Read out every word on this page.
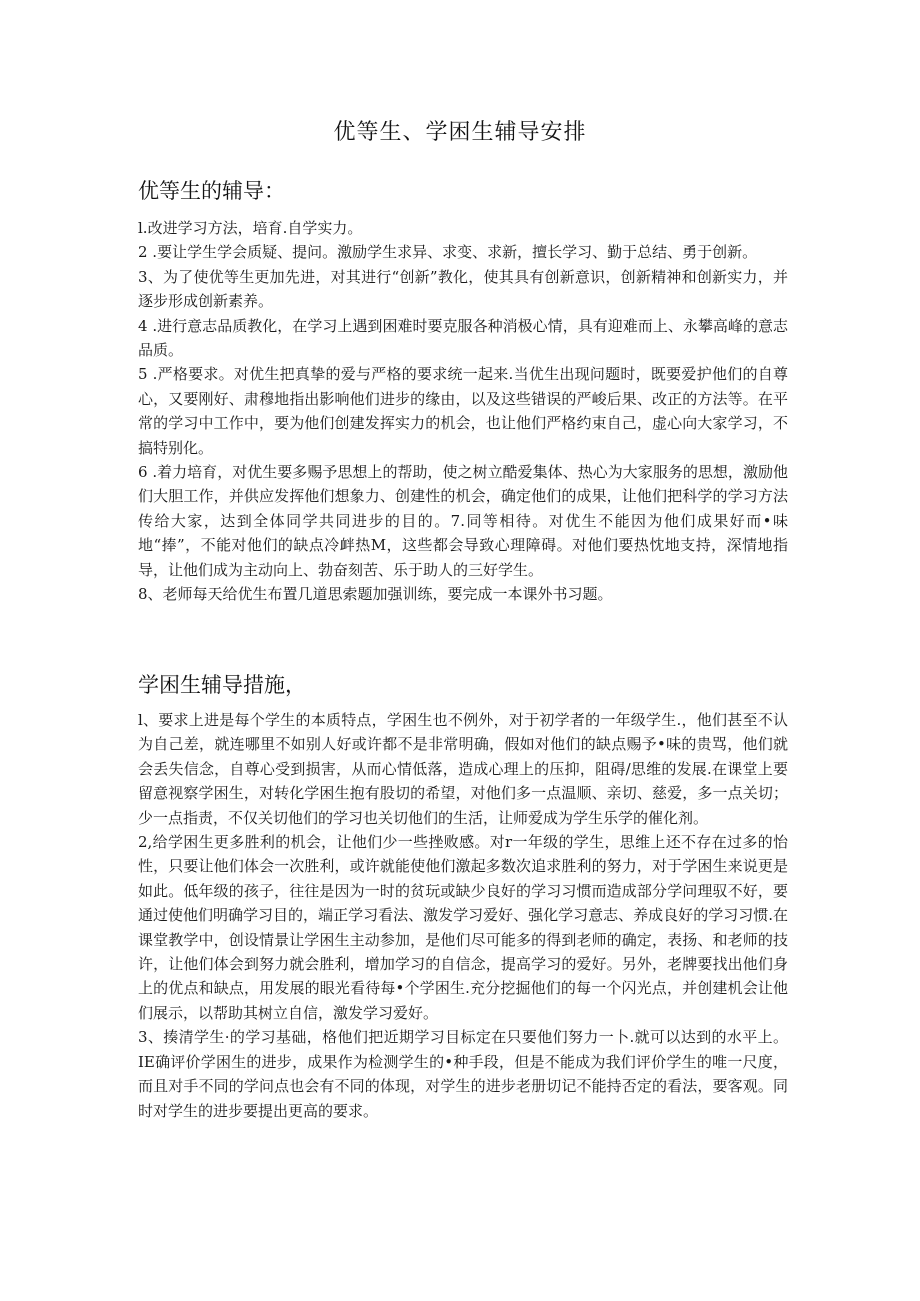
优等生、学困生辅导安排
优等生的辅导：

l.改进学习方法，培育.自学实力。

2 .要让学生学会质疑、提问。激励学生求异、求变、求新，擅长学习、勤于总结、勇于创新。

3、为了使优等生更加先进，对其进行“创新”教化，使其具有创新意识，创新精神和创新实力，并逐步形成创新素养。

4 .进行意志品质教化，在学习上遇到困难时要克服各种消极心情，具有迎难而上、永攀高峰的意志品质。

5 .严格要求。对优生把真挚的爱与严格的要求统一起来.当优生出现问题时，既要爱护他们的自尊心，又要刚好、肃穆地指出影响他们进步的缘由，以及这些错误的严峻后果、改正的方法等。在平常的学习中工作中，要为他们创建发挥实力的机会，也让他们严格约束自己，虚心向大家学习，不搞特别化。

6 .着力培育，对优生要多赐予思想上的帮助，使之树立酷爱集体、热心为大家服务的思想，激励他们大胆工作，并供应发挥他们想象力、创建性的机会，确定他们的成果，让他们把科学的学习方法传给大家，达到全体同学共同进步的目的。7.同等相待。对优生不能因为他们成果好而•味地“捧”，不能对他们的缺点冷衅热M，这些都会导致心理障碍。对他们要热忱地支持，深情地指导，让他们成为主动向上、勃奋刻苦、乐于助人的三好学生。

8、老师每天给优生布置几道思索题加强训练，要完成一本课外书习题。

学困生辅导措施，

l、要求上进是每个学生的本质特点，学困生也不例外，对于初学者的一年级学生.，他们甚至不认为自己差，就连哪里不如别人好或许都不是非常明确，假如对他们的缺点赐予•味的贵骂，他们就会丢失信念，自尊心受到损害，从而心情低落，造成心理上的压抑，阻碍/思维的发展.在课堂上要留意视察学困生，对转化学困生抱有股切的希望，对他们多一点温顺、亲切、慈爱，多一点关切；少一点指责，不仅关切他们的学习也关切他们的生活，让师爱成为学生乐学的催化剂。

2,给学困生更多胜利的机会，让他们少一些挫败感。对r一年级的学生，思维上还不存在过多的怡性，只要让他们体会一次胜利，或许就能使他们激起多数次追求胜利的努力，对于学困生来说更是如此。低年级的孩子，往往是因为一时的贫玩或缺少良好的学习习惯而造成部分学问理驭不好，要通过使他们明确学习目的，端正学习看法、激发学习爱好、强化学习意志、养成良好的学习习惯.在课堂教学中，创设情景让学困生主动参加，是他们尽可能多的得到老师的确定，表扬、和老师的技许，让他们体会到努力就会胜利，增加学习的自信念，提高学习的爱好。另外，老牌要找出他们身上的优点和缺点，用发展的眼光看待每•个学困生.充分挖掘他们的每一个闪光点，并创建机会让他们展示，以帮助其树立自信，激发学习爱好。

3、揍清学生·的学习基础，格他们把近期学习目标定在只要他们努力一卜.就可以达到的水平上。IE确评价学困生的进步，成果作为检测学生的•种手段，但是不能成为我们评价学生的唯一尺度，而且对手不同的学问点也会有不同的体现，对学生的进步老册切记不能持否定的看法，要客观。同时对学生的进步要提出更高的要求。
